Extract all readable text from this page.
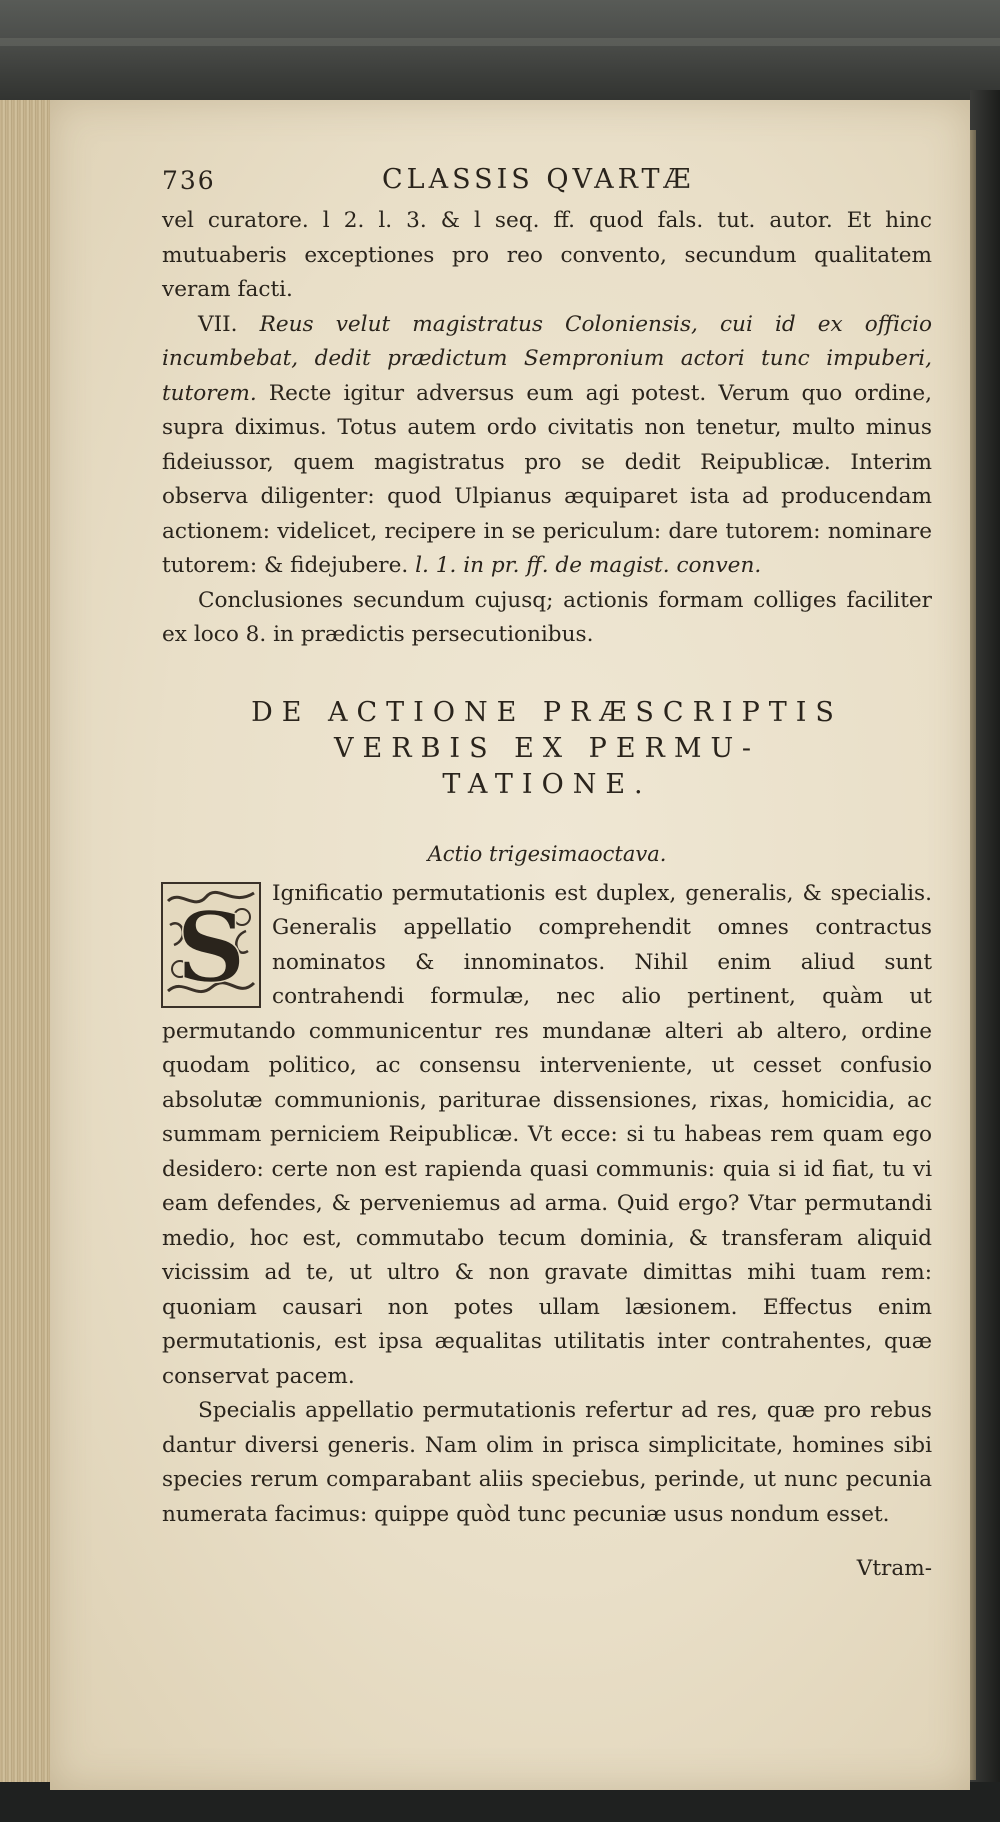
736	CLASSIS QVARTÆ

vel curatore. l 2. l. 3. & l seq. ff. quod fals. tut. autor. Et hinc mutuaberis exceptiones pro reo convento, secundum qualitatem veram facti.

VII. Reus velut magistratus Coloniensis, cui id ex officio incumbebat, dedit prædictum Sempronium actori tunc impuberi, tutorem. Recte igitur adversus eum agi potest. Verum quo ordine, supra diximus. Totus autem ordo civitatis non tenetur, multo minus fideiussor, quem magistratus pro se dedit Reipublicæ. Interim observa diligenter: quod Ulpianus æquiparet ista ad producendam actionem: videlicet, recipere in se periculum: dare tutorem: nominare tutorem: & fidejubere. l. 1. in pr. ff. de magist. conven.

Conclusiones secundum cujusq; actionis formam colliges faciliter ex loco 8. in prædictis persecutionibus.

DE ACTIONE PRÆSCRIPTIS
VERBIS EX PERMU-
TATIONE.
Actio trigesimaoctava.
S	Ignificatio permutationis est duplex, generalis, & specialis. Generalis appellatio comprehendit omnes contractus nominatos & innominatos. Nihil enim aliud sunt contrahendi formulæ, nec alio pertinent, quàm ut permutando communicentur res mundanæ alteri ab altero, ordine quodam politico, ac consensu interveniente, ut cesset confusio absolutæ communionis, pariturae dissensiones, rixas, homicidia, ac summam perniciem Reipublicæ. Vt ecce: si tu habeas rem quam ego desidero: certe non est rapienda quasi communis: quia si id fiat, tu vi eam defendes, & perveniemus ad arma. Quid ergo? Vtar permutandi medio, hoc est, commutabo tecum dominia, & transferam aliquid vicissim ad te, ut ultro & non gravate dimittas mihi tuam rem: quoniam causari non potes ullam læsionem. Effectus enim permutationis, est ipsa æqualitas utilitatis inter contrahentes, quæ conservat pacem.

Specialis appellatio permutationis refertur ad res, quæ pro rebus dantur diversi generis. Nam olim in prisca simplicitate, homines sibi species rerum comparabant aliis speciebus, perinde, ut nunc pecunia numerata facimus: quippe quòd tunc pecuniæ usus nondum esset.

Vtram-
